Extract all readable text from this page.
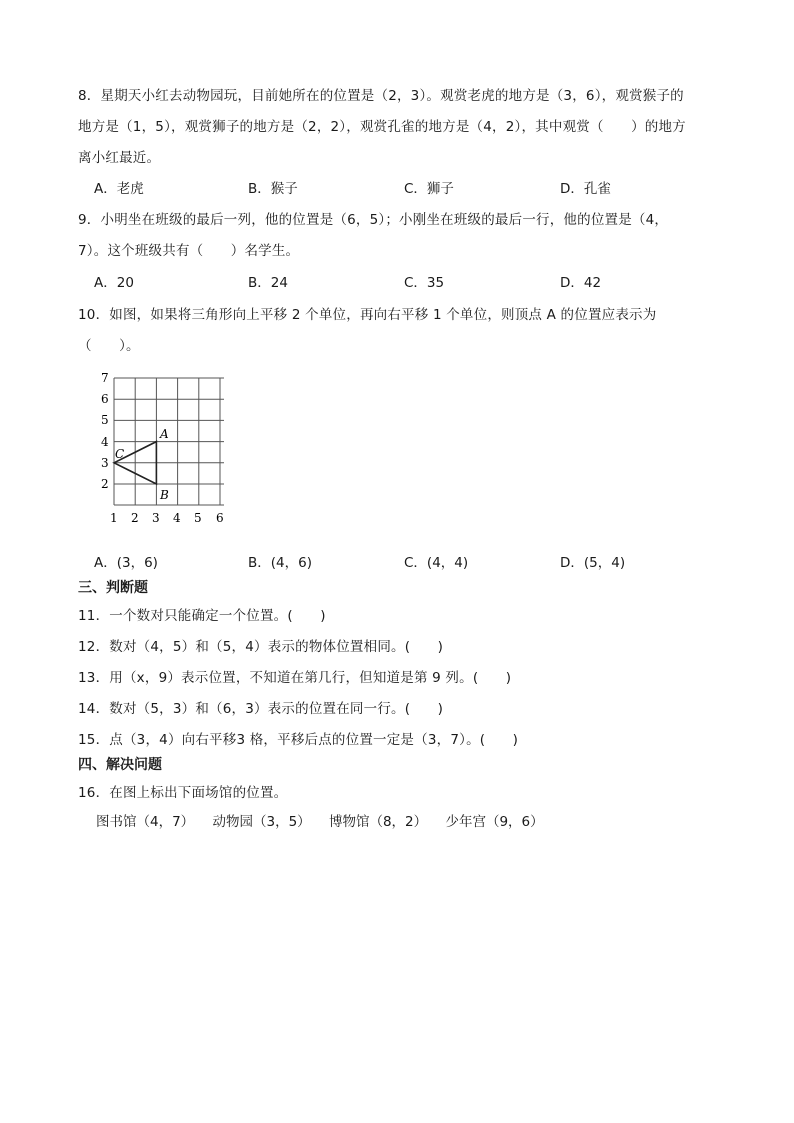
8．星期天小红去动物园玩，目前她所在的位置是（2，3）。观赏老虎的地方是（3，6），观赏猴子的
地方是（1，5），观赏狮子的地方是（2，2），观赏孔雀的地方是（4，2），其中观赏（　　）的地方
离小红最近。
A．老虎	B．猴子	C．狮子	D．孔雀
9．小明坐在班级的最后一列，他的位置是（6，5）；小刚坐在班级的最后一行，他的位置是（4，
7）。这个班级共有（　　）名学生。
A．20	B．24	C．35	D．42
10．如图，如果将三角形向上平移 2 个单位，再向右平移 1 个单位，则顶点 A 的位置应表示为
（　　）。
A
B
C
7
6
5
4
3
2
1 2 3 4 5 6
A．(3，6)	B．(4，6)	C．(4，4)	D．(5，4)
三、判断题
11．一个数对只能确定一个位置。(　　)
12．数对（4，5）和（5，4）表示的物体位置相同。(　　)
13．用（x，9）表示位置，不知道在第几行，但知道是第 9 列。(　　)
14．数对（5，3）和（6，3）表示的位置在同一行。(　　)
15．点（3，4）向右平移3 格，平移后点的位置一定是（3，7）。(　　)
四、解决问题
16．在图上标出下面场馆的位置。
图书馆（4，7） 动物园（3，5） 博物馆（8，2） 少年宫（9，6）
